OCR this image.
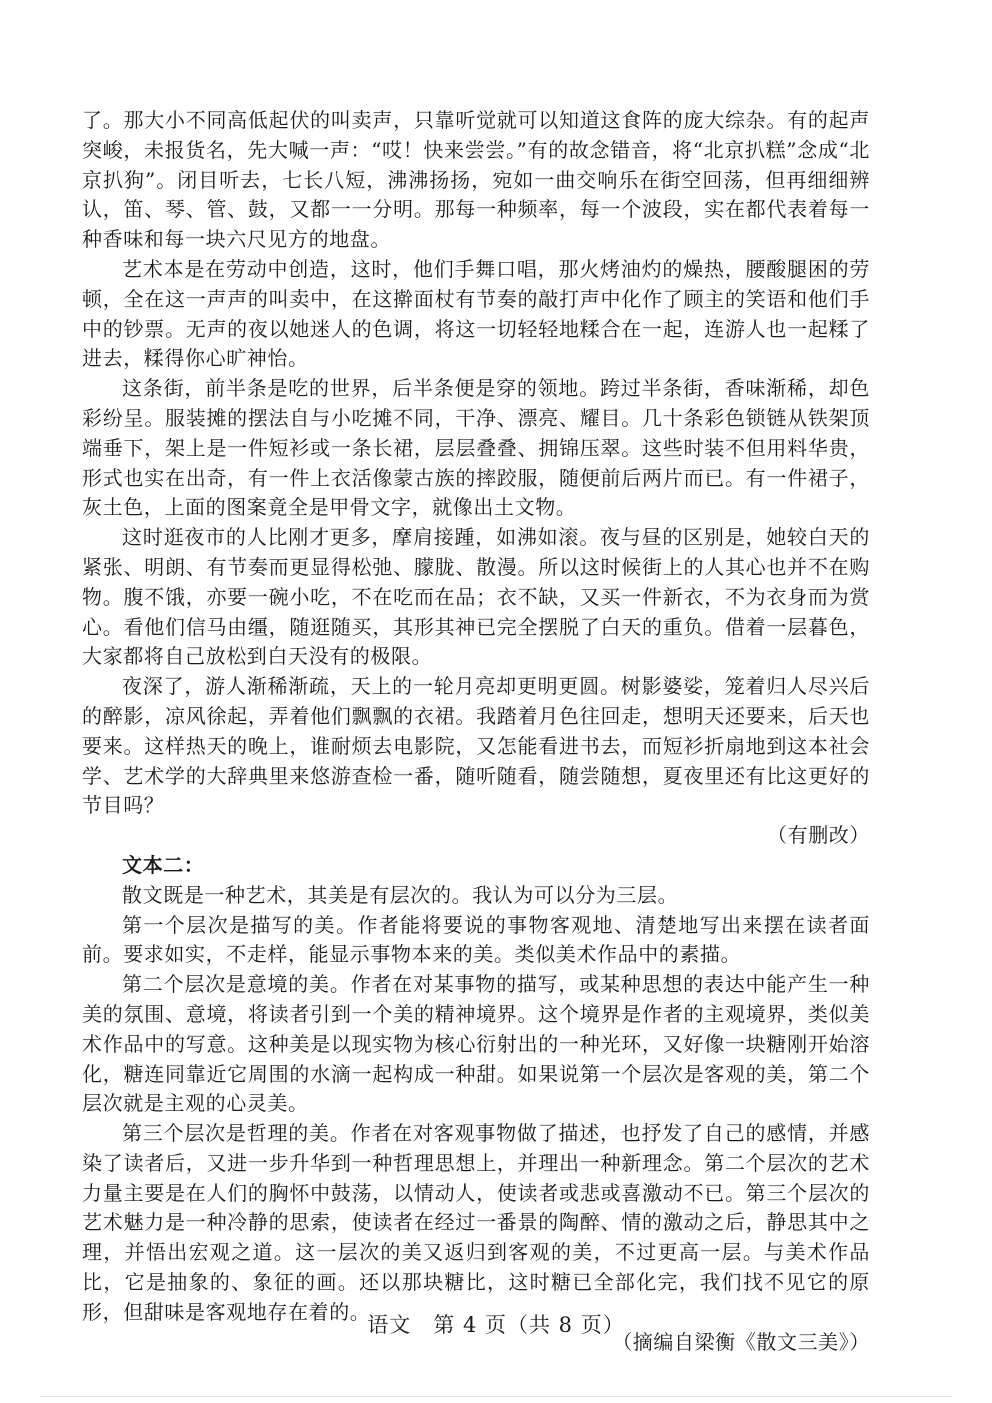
了。那大小不同高低起伏的叫卖声，只靠听觉就可以知道这食阵的庞大综杂。有的起声突峻，未报货名，先大喊一声：“哎！快来尝尝。”有的故念错音，将“北京扒糕”念成“北京扒狗”。闭目听去，七长八短，沸沸扬扬，宛如一曲交响乐在街空回荡，但再细细辨认，笛、琴、管、鼓，又都一一分明。那每一种频率，每一个波段，实在都代表着每一种香味和每一块六尺见方的地盘。

艺术本是在劳动中创造，这时，他们手舞口唱，那火烤油灼的燥热，腰酸腿困的劳顿，全在这一声声的叫卖中，在这擀面杖有节奏的敲打声中化作了顾主的笑语和他们手中的钞票。无声的夜以她迷人的色调，将这一切轻轻地糅合在一起，连游人也一起糅了进去，糅得你心旷神怡。

这条街，前半条是吃的世界，后半条便是穿的领地。跨过半条街，香味渐稀，却色彩纷呈。服装摊的摆法自与小吃摊不同，干净、漂亮、耀目。几十条彩色锁链从铁架顶端垂下，架上是一件短衫或一条长裙，层层叠叠、拥锦压翠。这些时装不但用料华贵，形式也实在出奇，有一件上衣活像蒙古族的摔跤服，随便前后两片而已。有一件裙子，灰土色，上面的图案竟全是甲骨文字，就像出土文物。

这时逛夜市的人比刚才更多，摩肩接踵，如沸如滚。夜与昼的区别是，她较白天的紧张、明朗、有节奏而更显得松弛、朦胧、散漫。所以这时候街上的人其心也并不在购物。腹不饿，亦要一碗小吃，不在吃而在品；衣不缺，又买一件新衣，不为衣身而为赏心。看他们信马由缰，随逛随买，其形其神已完全摆脱了白天的重负。借着一层暮色，大家都将自己放松到白天没有的极限。

夜深了，游人渐稀渐疏，天上的一轮月亮却更明更圆。树影婆娑，笼着归人尽兴后的醉影，凉风徐起，弄着他们飘飘的衣裙。我踏着月色往回走，想明天还要来，后天也要来。这样热天的晚上，谁耐烦去电影院，又怎能看进书去，而短衫折扇地到这本社会学、艺术学的大辞典里来悠游查检一番，随听随看，随尝随想，夏夜里还有比这更好的节目吗？

（有删改）

文本二：

散文既是一种艺术，其美是有层次的。我认为可以分为三层。

第一个层次是描写的美。作者能将要说的事物客观地、清楚地写出来摆在读者面前。要求如实，不走样，能显示事物本来的美。类似美术作品中的素描。

第二个层次是意境的美。作者在对某事物的描写，或某种思想的表达中能产生一种美的氛围、意境，将读者引到一个美的精神境界。这个境界是作者的主观境界，类似美术作品中的写意。这种美是以现实物为核心衍射出的一种光环，又好像一块糖刚开始溶化，糖连同靠近它周围的水滴一起构成一种甜。如果说第一个层次是客观的美，第二个层次就是主观的心灵美。

第三个层次是哲理的美。作者在对客观事物做了描述，也抒发了自己的感情，并感染了读者后，又进一步升华到一种哲理思想上，并理出一种新理念。第二个层次的艺术力量主要是在人们的胸怀中鼓荡，以情动人，使读者或悲或喜激动不已。第三个层次的艺术魅力是一种冷静的思索，使读者在经过一番景的陶醉、情的激动之后，静思其中之理，并悟出宏观之道。这一层次的美又返归到客观的美，不过更高一层。与美术作品比，它是抽象的、象征的画。还以那块糖比，这时糖已全部化完，我们找不见它的原形，但甜味是客观地存在着的。

（摘编自梁衡《散文三美》）

语文　第 4 页（共 8 页）
